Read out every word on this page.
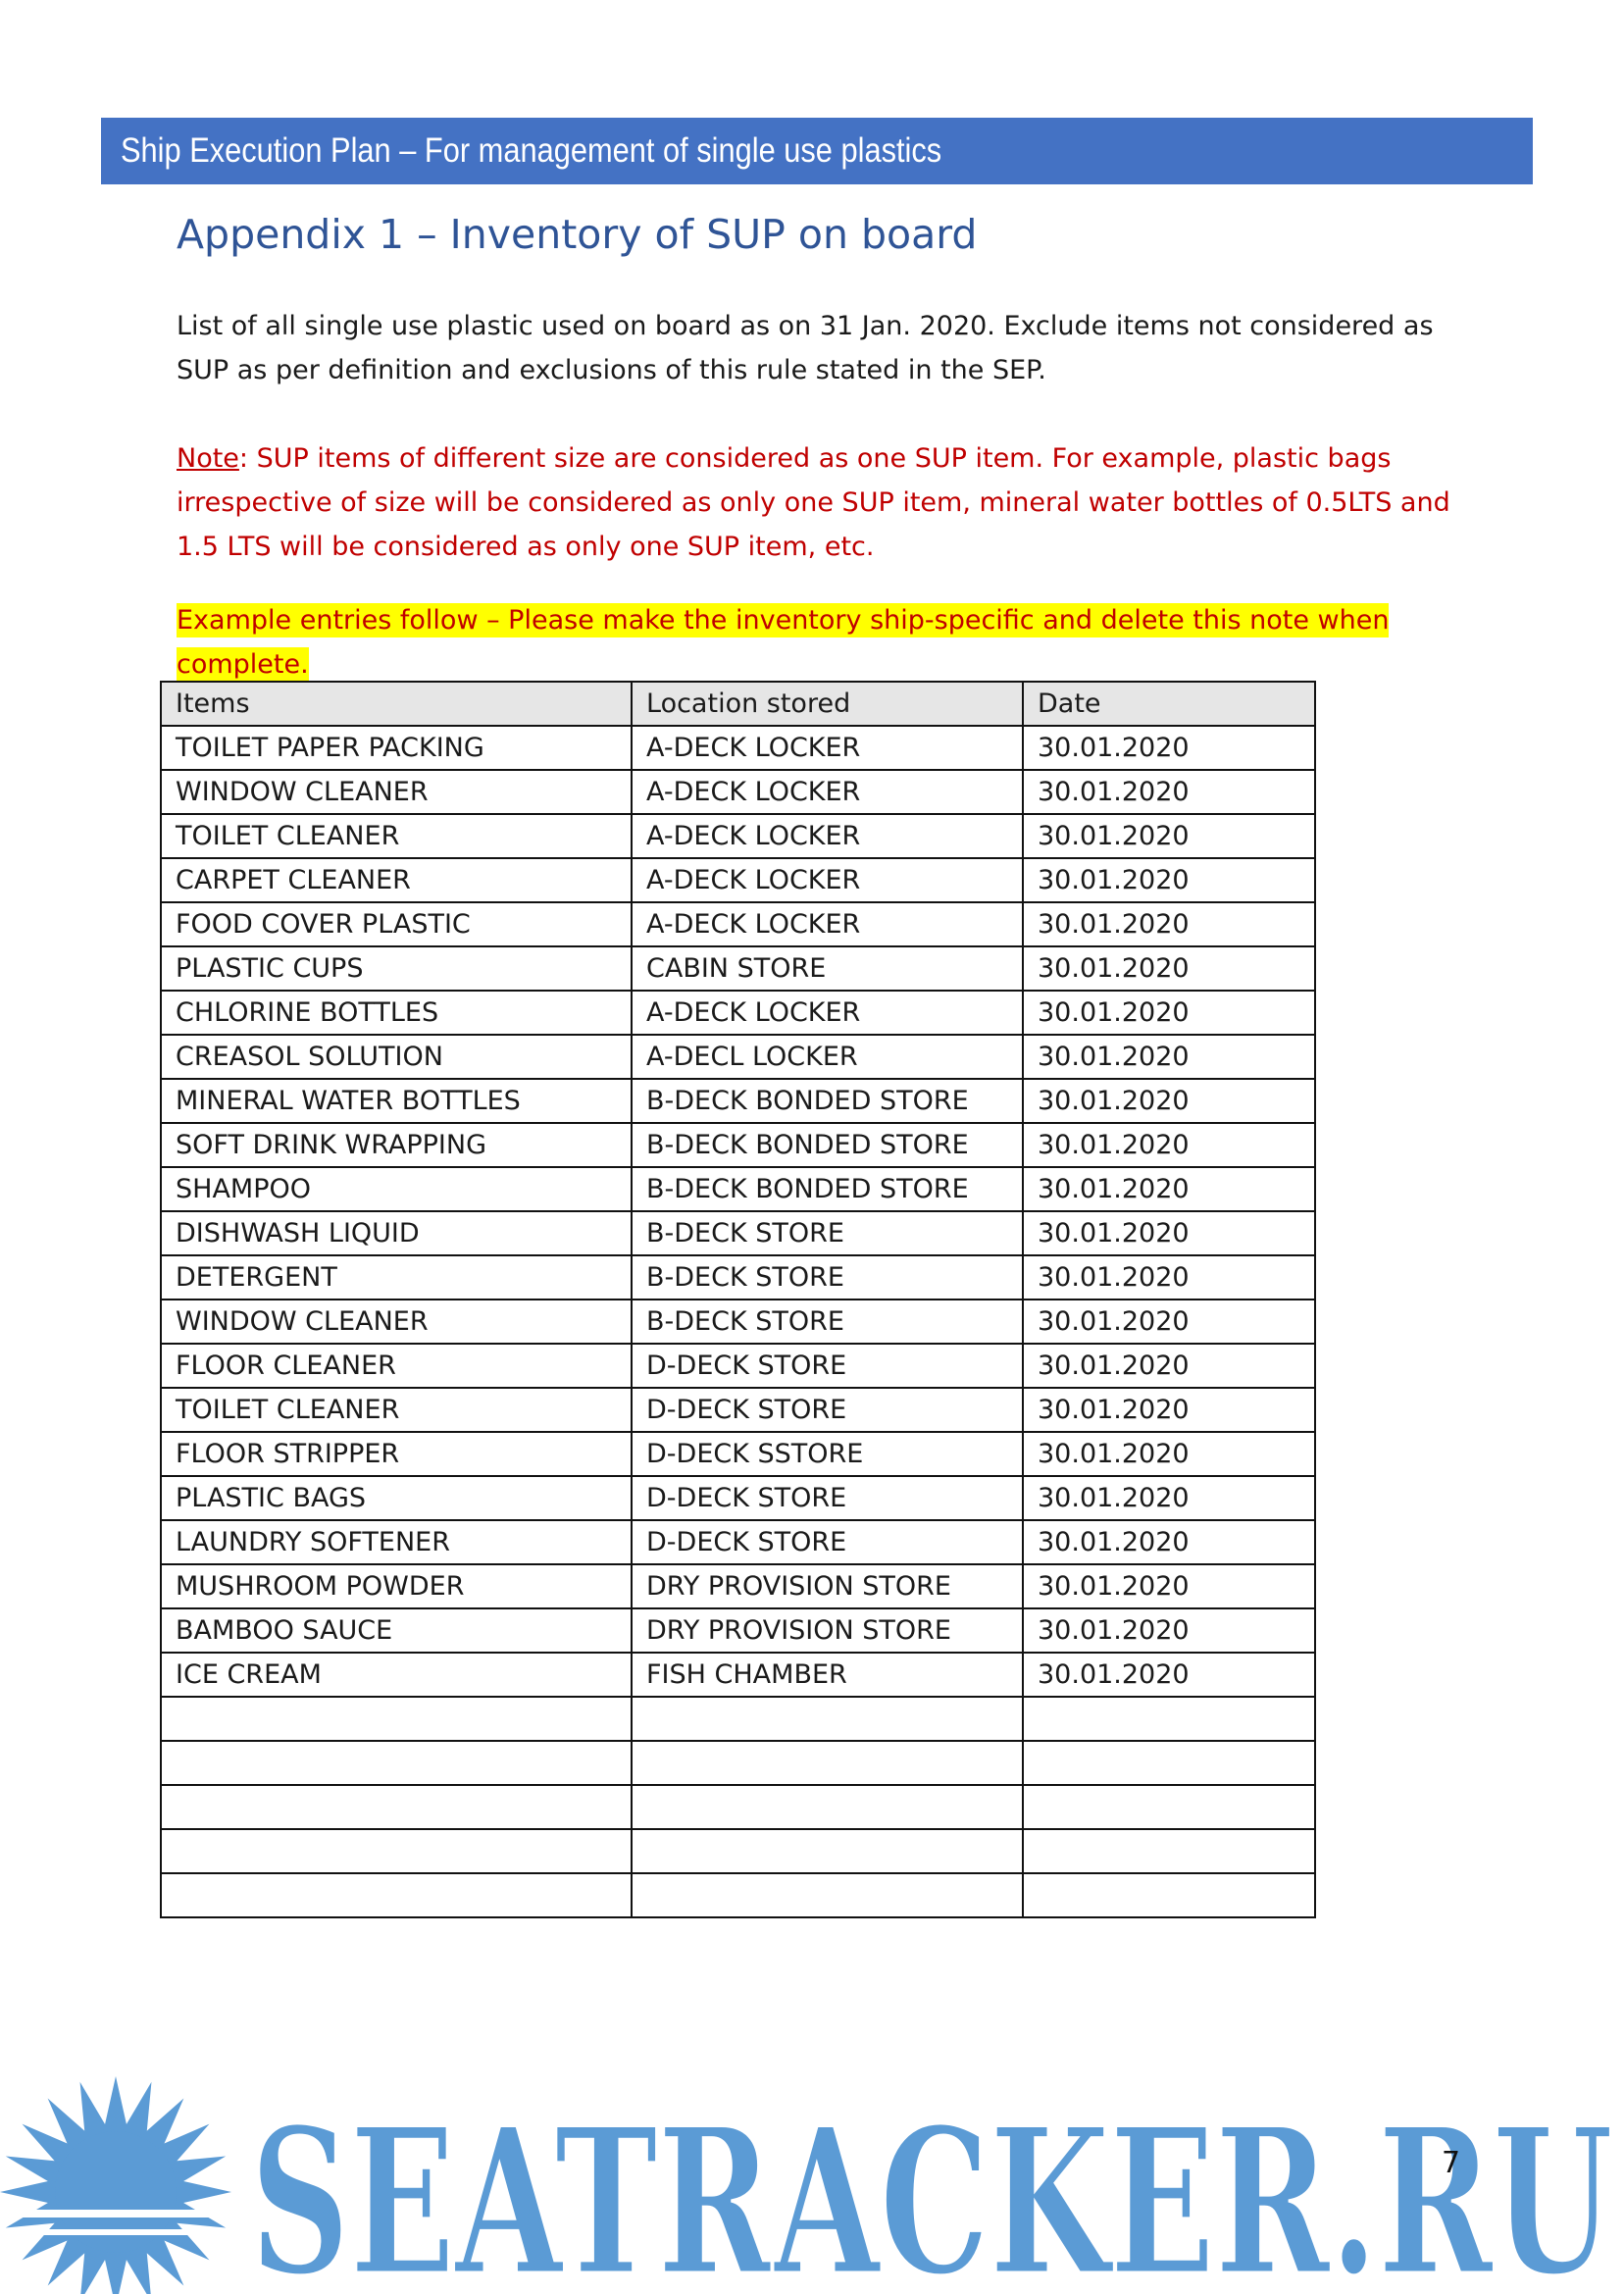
Ship Execution Plan – For management of single use plastics
Appendix 1 – Inventory of SUP on board

List of all single use plastic used on board as on 31 Jan. 2020. Exclude items not considered as SUP as per definition and exclusions of this rule stated in the SEP.

Note: SUP items of different size are considered as one SUP item. For example, plastic bags irrespective of size will be considered as only one SUP item, mineral water bottles of 0.5LTS and 1.5 LTS will be considered as only one SUP item, etc.

Example entries follow – Please make the inventory ship-specific and delete this note when complete.

Items	Location stored	Date
TOILET PAPER PACKING	A-DECK LOCKER	30.01.2020
WINDOW CLEANER	A-DECK LOCKER	30.01.2020
TOILET CLEANER	A-DECK LOCKER	30.01.2020
CARPET CLEANER	A-DECK LOCKER	30.01.2020
FOOD COVER PLASTIC	A-DECK LOCKER	30.01.2020
PLASTIC CUPS	CABIN STORE	30.01.2020
CHLORINE BOTTLES	A-DECK LOCKER	30.01.2020
CREASOL SOLUTION	A-DECL LOCKER	30.01.2020
MINERAL WATER BOTTLES	B-DECK BONDED STORE	30.01.2020
SOFT DRINK WRAPPING	B-DECK BONDED STORE	30.01.2020
SHAMPOO	B-DECK BONDED STORE	30.01.2020
DISHWASH LIQUID	B-DECK STORE	30.01.2020
DETERGENT	B-DECK STORE	30.01.2020
WINDOW CLEANER	B-DECK STORE	30.01.2020
FLOOR CLEANER	D-DECK STORE	30.01.2020
TOILET CLEANER	D-DECK STORE	30.01.2020
FLOOR STRIPPER	D-DECK SSTORE	30.01.2020
PLASTIC BAGS	D-DECK STORE	30.01.2020
LAUNDRY SOFTENER	D-DECK STORE	30.01.2020
MUSHROOM POWDER	DRY PROVISION STORE	30.01.2020
BAMBOO SAUCE	DRY PROVISION STORE	30.01.2020
ICE CREAM	FISH CHAMBER	30.01.2020

SEATRACKER.RU
7
